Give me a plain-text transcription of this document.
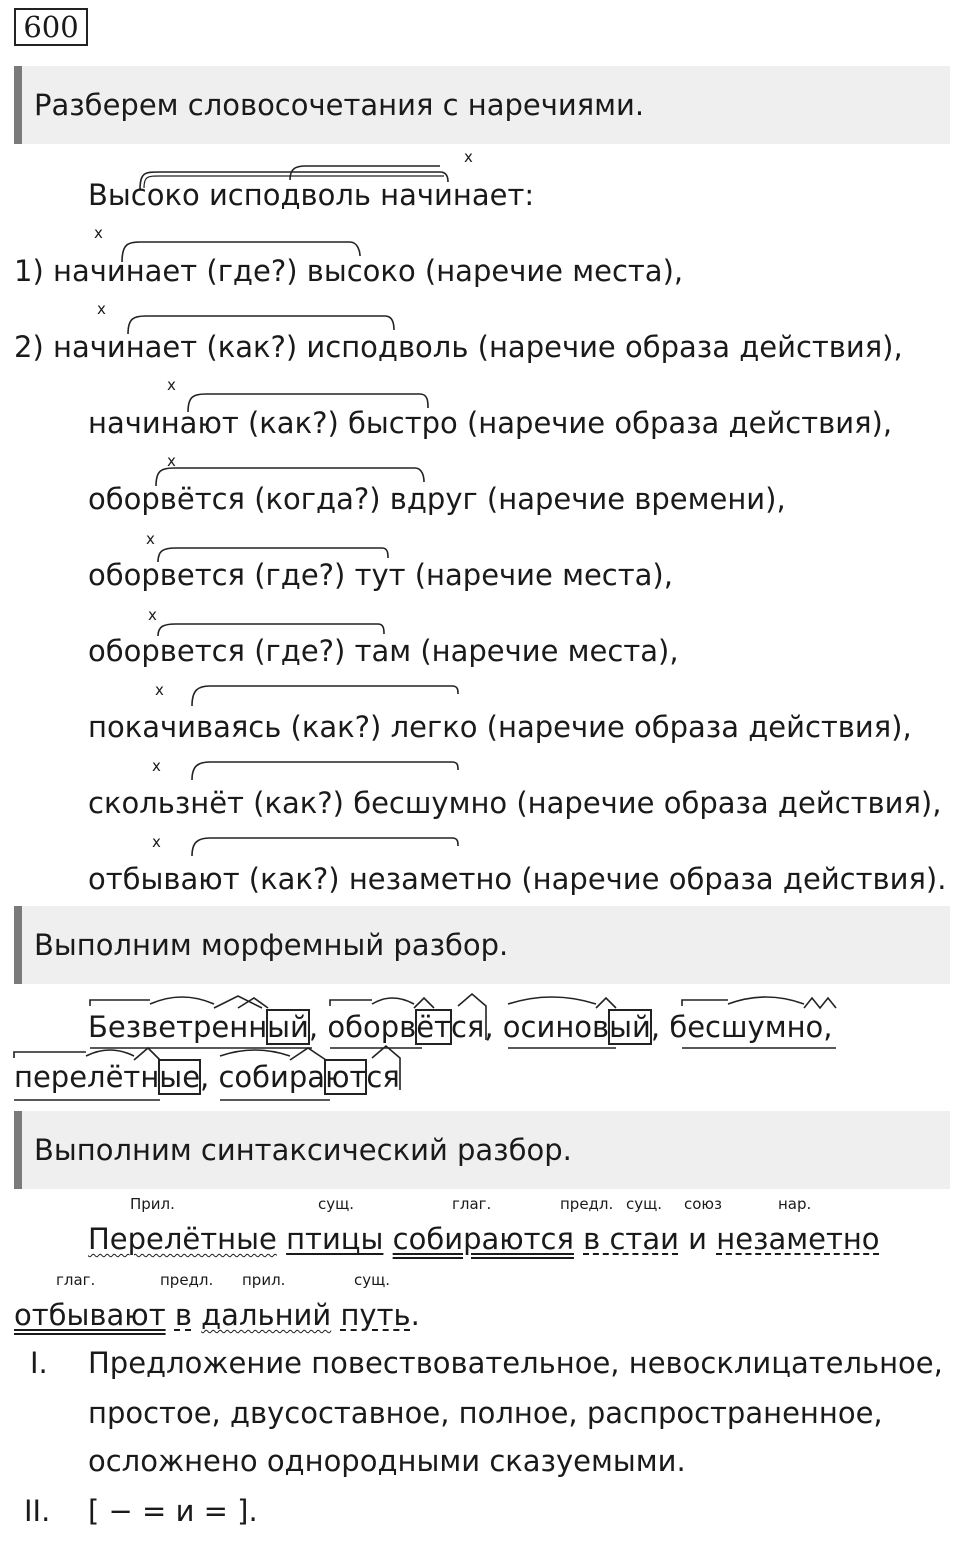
600
Разберем словосочетания с наречиями.
x
Высоко исподволь начинает:
x
1) начинает (где?) высоко (наречие места),
x
2) начинает (как?) исподволь (наречие образа действия),
x
начинают (как?) быстро (наречие образа действия),
x
оборвётся (когда?) вдруг (наречие времени),
x
оборвется (где?) тут (наречие места),
x
оборвется (где?) там (наречие места),
x
покачиваясь (как?) легко (наречие образа действия),
x
скользнёт (как?) бесшумно (наречие образа действия),
x
отбывают (как?) незаметно (наречие образа действия).
Выполним морфемный разбор.
Безветренный, оборвётся, осиновый, бесшумно,
перелётные, собираются
Выполним синтаксический разбор.
Прил.	сущ.	глаг.	предл. сущ. союз	нар.
Перелётные птицы собираются в стаи и незаметно
глаг.	предл. прил.	сущ.
отбывают в дальний путь.
I. Предложение повествовательное, невосклицательное,
простое, двусоставное, полное, распространенное,
осложнено однородными сказуемыми.
II. [ − = и = ].
